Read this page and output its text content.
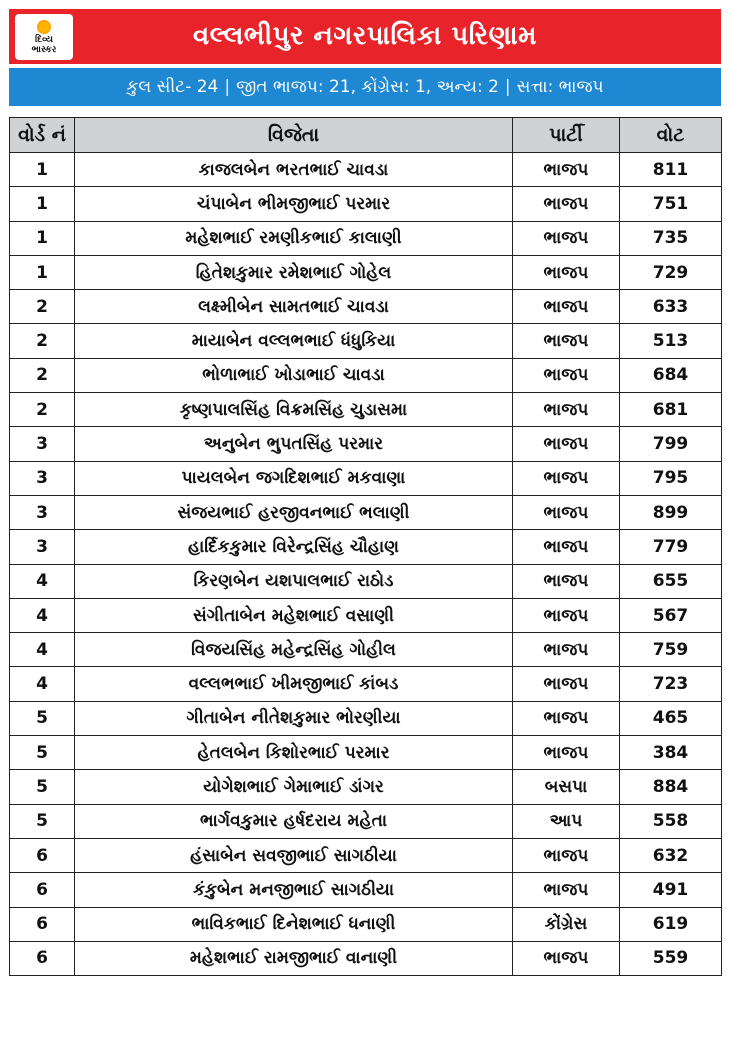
દિવ્ય
ભાસ્કર	વલ્લભીપુર નગરપાલિકા પરિણામ
કુલ સીટ- 24 | જીત ભાજપ: 21, કોંગ્રેસ: 1, અન્ય: 2 | સત્તા: ભાજપ
વોર્ડ નં	વિજેતા	પાર્ટી	વોટ
1	કાજલબેન ભરતભાઈ ચાવડા	ભાજપ	811
1	ચંપાબેન ભીમજીભાઈ પરમાર	ભાજપ	751
1	મહેશભાઈ રમણીકભાઈ કાલાણી	ભાજપ	735
1	હિતેશકુમાર રમેશભાઈ ગોહેલ	ભાજપ	729
2	લક્ષ્મીબેન સામતભાઈ ચાવડા	ભાજપ	633
2	માયાબેન વલ્લભભાઈ ધંધુકિયા	ભાજપ	513
2	ભોળાભાઈ ખોડાભાઈ ચાવડા	ભાજપ	684
2	કૃષ્ણપાલસિંહ વિક્રમસિંહ ચુડાસમા	ભાજપ	681
3	અનુબેન ભુપતસિંહ પરમાર	ભાજપ	799
3	પાયલબેન જગદિશભાઈ મકવાણા	ભાજપ	795
3	સંજયભાઈ હરજીવનભાઈ ભલાણી	ભાજપ	899
3	હાર્દિકકુમાર વિરેન્દ્રસિંહ ચૌહાણ	ભાજપ	779
4	કિરણબેન યશપાલભાઈ રાઠોડ	ભાજપ	655
4	સંગીતાબેન મહેશભાઈ વસાણી	ભાજપ	567
4	વિજયસિંહ મહેન્દ્રસિંહ ગોહીલ	ભાજપ	759
4	વલ્લભભાઈ ખીમજીભાઈ કાંબડ	ભાજપ	723
5	ગીતાબેન નીતેશકુમાર ભોરણીયા	ભાજપ	465
5	હેતલબેન કિશોરભાઈ પરમાર	ભાજપ	384
5	યોગેશભાઈ ગેમાભાઈ ડાંગર	બસપા	884
5	ભાર્ગવકુમાર હર્ષદરાય મહેતા	આપ	558
6	હંસાબેન સવજીભાઈ સાગઠીયા	ભાજપ	632
6	કંકુબેન મનજીભાઈ સાગઠીયા	ભાજપ	491
6	ભાવિકભાઈ દિનેશભાઈ ધનાણી	કોંગ્રેસ	619
6	મહેશભાઈ રામજીભાઈ વાનાણી	ભાજપ	559
